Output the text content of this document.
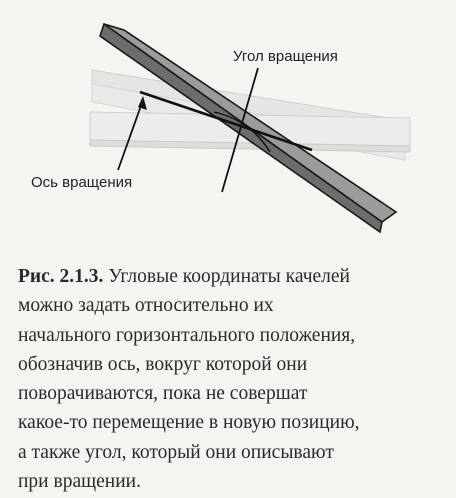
Угол вращения
Ось вращения
Рис. 2.1.3. Угловые координаты качелей
можно задать относительно их
начального горизонтального положения,
обозначив ось, вокруг которой они
поворачиваются, пока не совершат
какое-то перемещение в новую позицию,
а также угол, который они описывают
при вращении.
